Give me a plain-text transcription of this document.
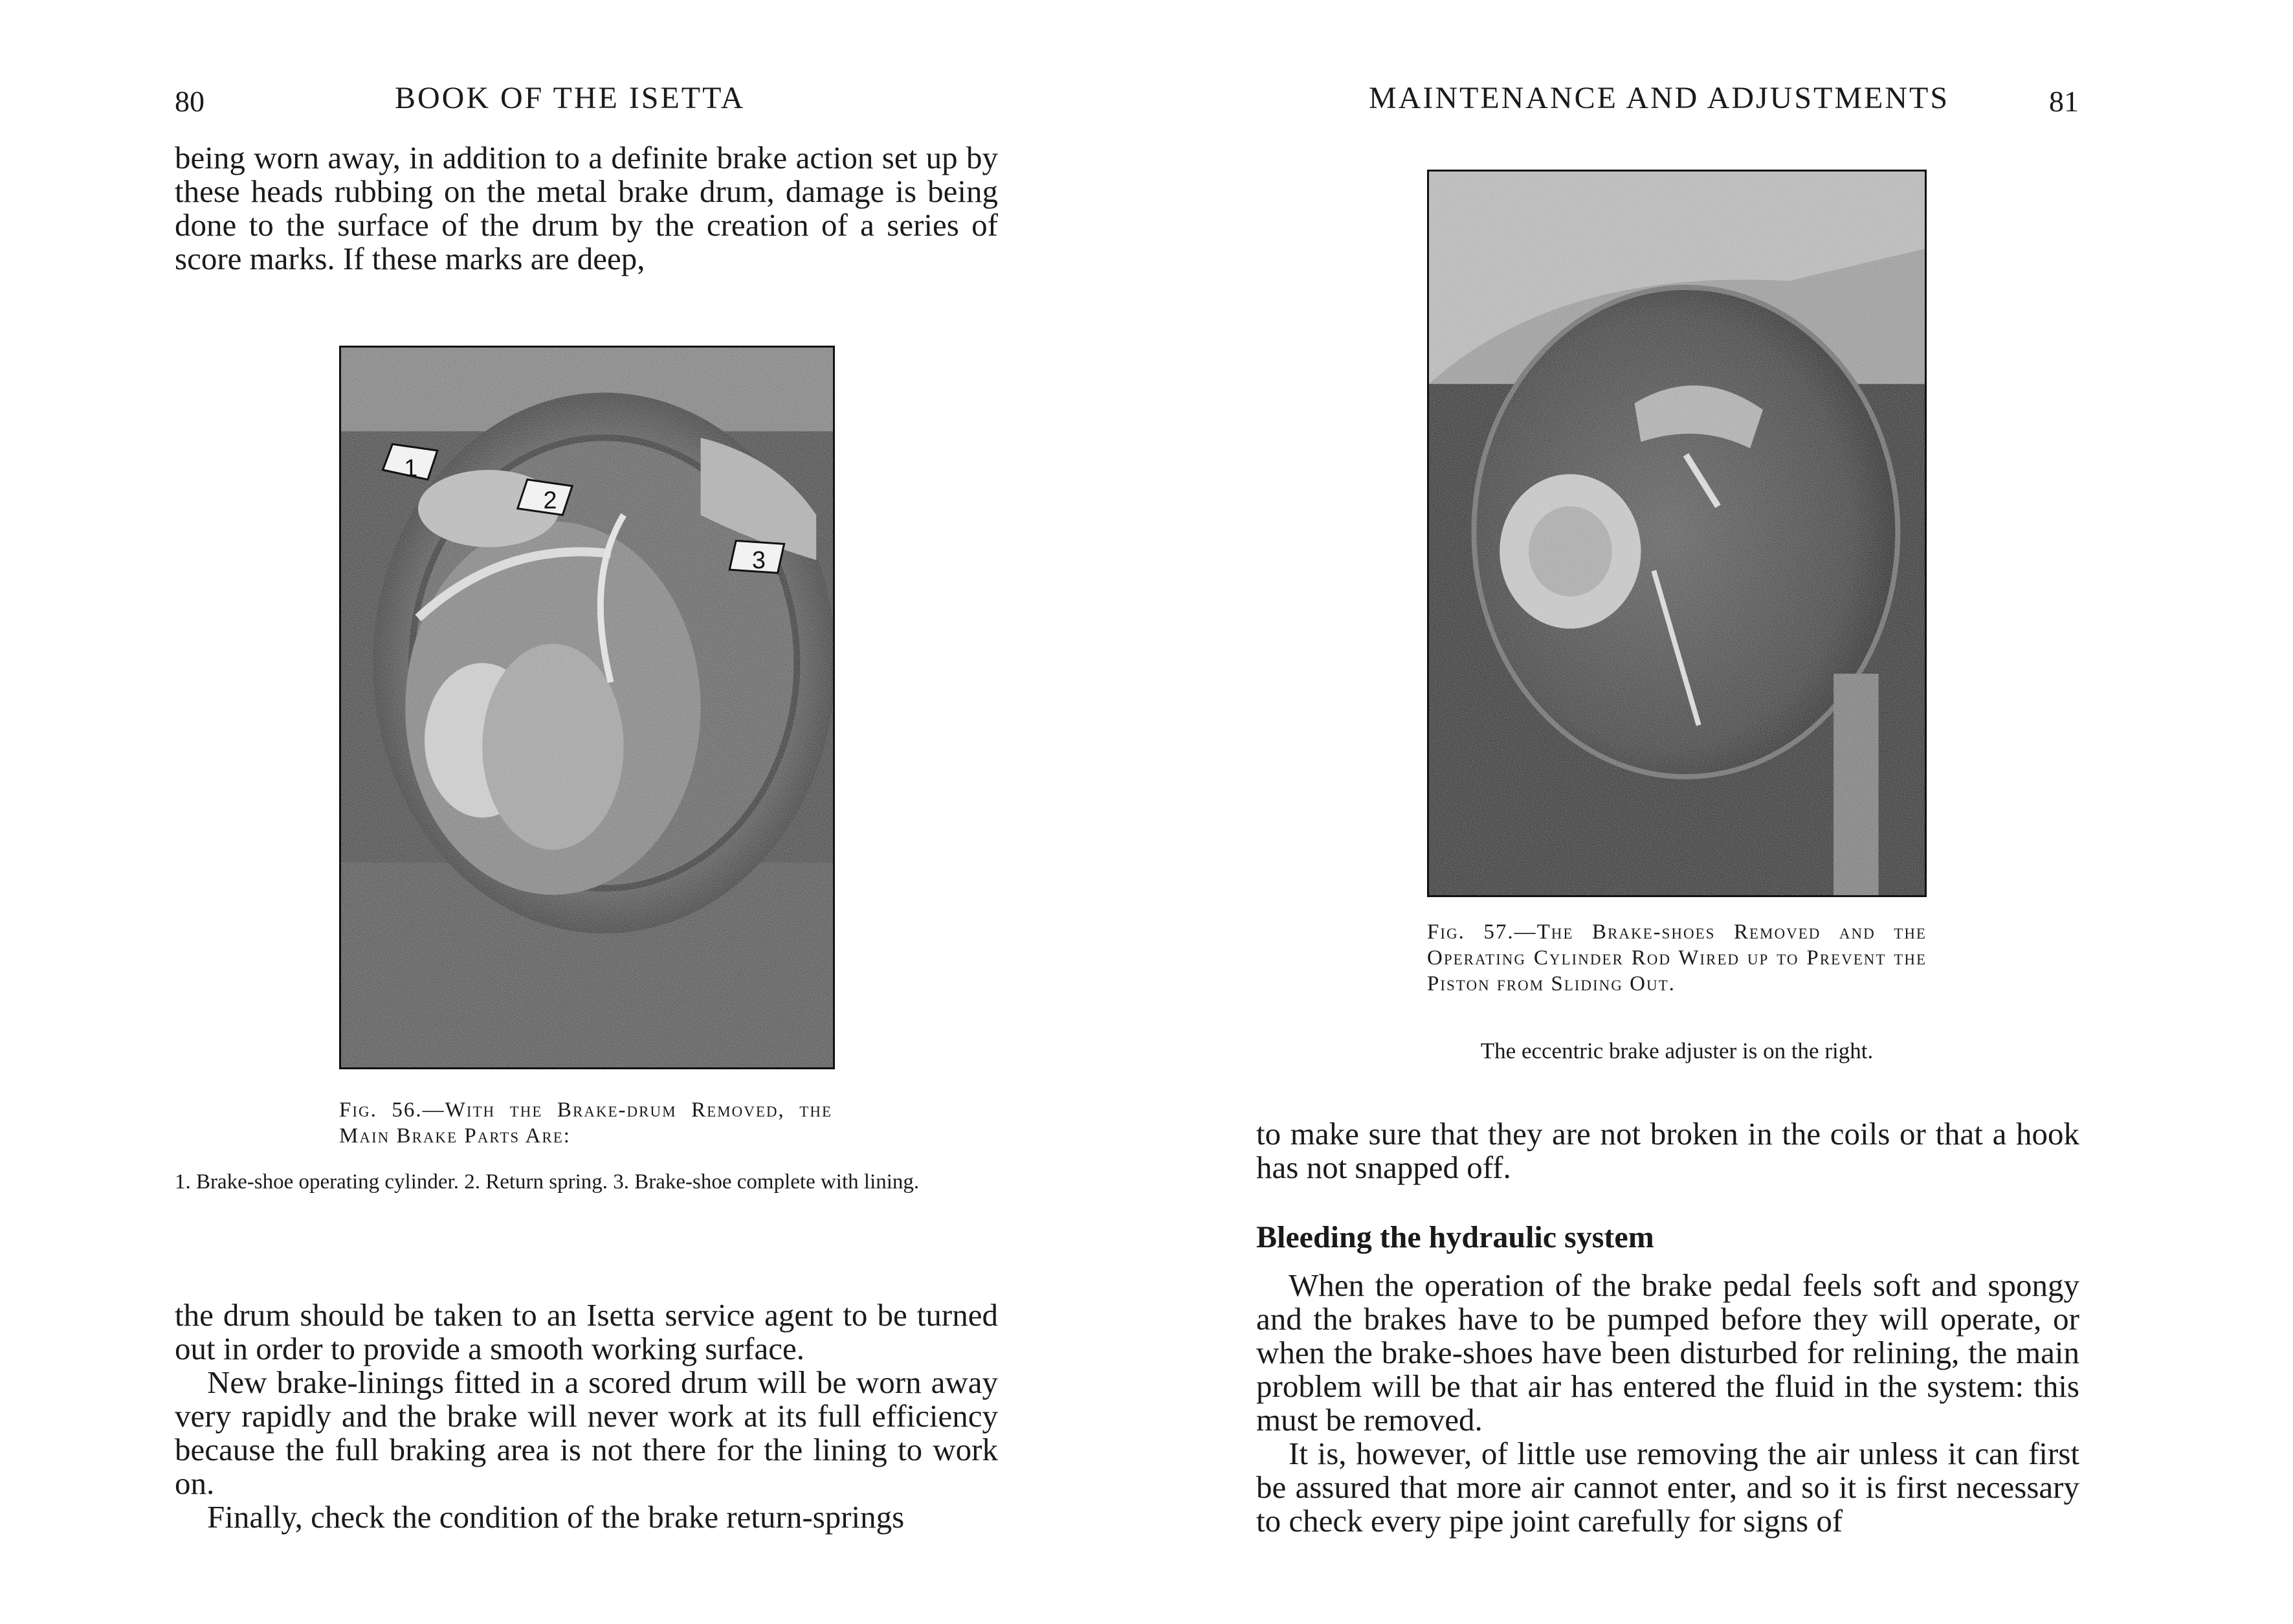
80	BOOK OF THE ISETTA

being worn away, in addition to a definite brake action set up by these heads rubbing on the metal brake drum, damage is being done to the surface of the drum by the creation of a series of score marks. If these marks are deep,

1
2
3
Fig. 56.—With the Brake-drum Removed, the Main Brake Parts Are:
1. Brake-shoe operating cylinder. 2. Return spring. 3. Brake-shoe complete with lining.

the drum should be taken to an Isetta service agent to be turned out in order to provide a smooth working surface.

New brake-linings fitted in a scored drum will be worn away very rapidly and the brake will never work at its full efficiency because the full braking area is not there for the lining to work on.

Finally, check the condition of the brake return-springs

MAINTENANCE AND ADJUSTMENTS	81
Fig. 57.—The Brake-shoes Removed and the Operating Cylinder Rod Wired up to Prevent the Piston from Sliding Out.
The eccentric brake adjuster is on the right.

to make sure that they are not broken in the coils or that a hook has not snapped off.

Bleeding the hydraulic system

When the operation of the brake pedal feels soft and spongy and the brakes have to be pumped before they will operate, or when the brake-shoes have been disturbed for relining, the main problem will be that air has entered the fluid in the system: this must be removed.

It is, however, of little use removing the air unless it can first be assured that more air cannot enter, and so it is first necessary to check every pipe joint carefully for signs of
